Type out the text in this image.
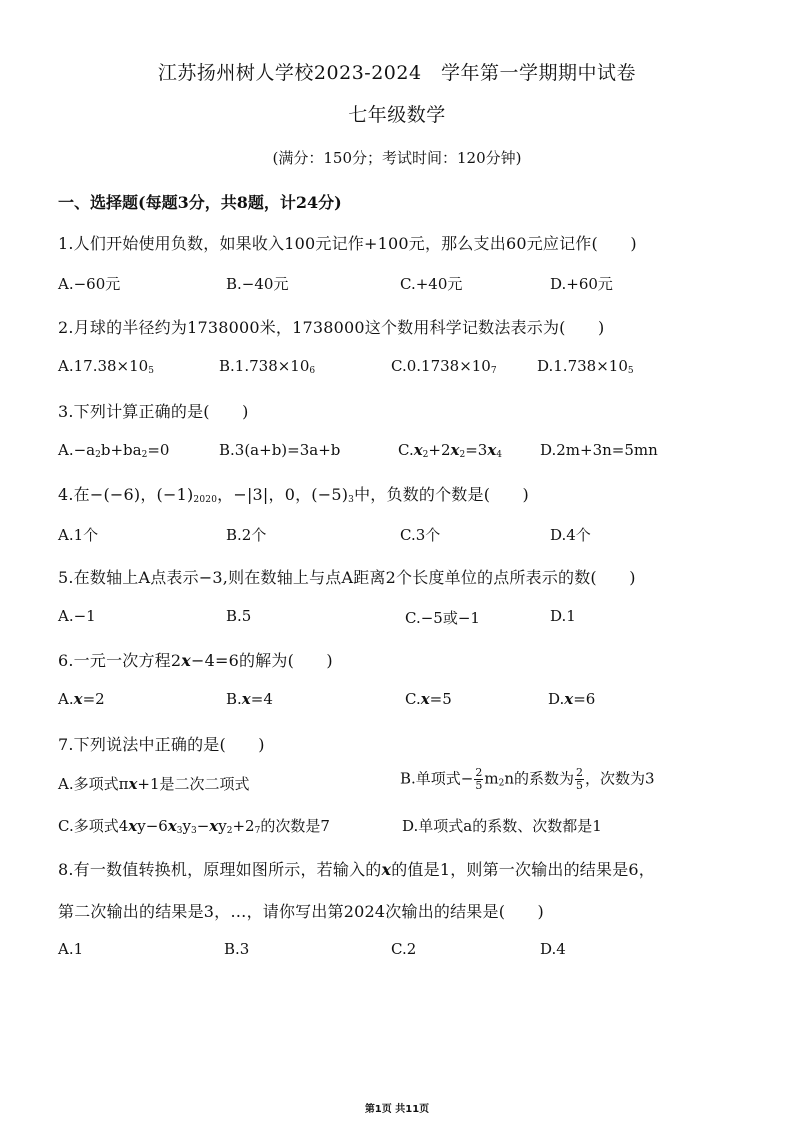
江苏扬州树人学校2023-2024　学年第一学期期中试卷
七年级数学
(满分：150分；考试时间：120分钟)
一、选择题(每题3分，共8题，计24分)
1.人们开始使用负数，如果收入100元记作+100元，那么支出60元应记作(　　)
A.−60元	B.−40元	C.+40元	D.+60元
2.月球的半径约为1738000米，1738000这个数用科学记数法表示为(　　)
$A.17.38\times 10_5$	$B.1.738\times 10_6$	$C.0.1738\times 10_7$	$D.1.738\times 10_5$
3.下列计算正确的是(　　)
$A.-a_2b+ba_2=0$	B.3(a+b)=3a+b	$C.x_2+2x_2=3x_4$	D.2m+3n=5mn
4.在−(−6)，$(-1)_{2020}$，−|3|，0，$(-5)_3$中，负数的个数是(　　)
A.1个	B.2个	C.3个	D.4个
5.在数轴上A点表示−3,则在数轴上与点A距离2个长度单位的点所表示的数(　　)
A.−1	B.5	C.−5或−1	D.1
6.一元一次方程2x−4=6的解为(　　)
A.x=2	B.x=4	C.x=5	D.x=6
7.下列说法中正确的是(　　)
A.多项式πx+1是二次二项式	B.单项式− $\frac{2}{5} m_2n$的系数为 $\frac{2}{5}$ ，次数为3
C.多项式$4xy-6x_3y_3-xy_2+2_7$的次数是7	D.单项式a的系数、次数都是1
8.有一数值转换机，原理如图所示，若输入的x的值是1，则第一次输出的结果是6，
第二次输出的结果是3，…，请你写出第2024次输出的结果是(　　)
A.1	B.3	C.2	D.4
第1页 共11页
